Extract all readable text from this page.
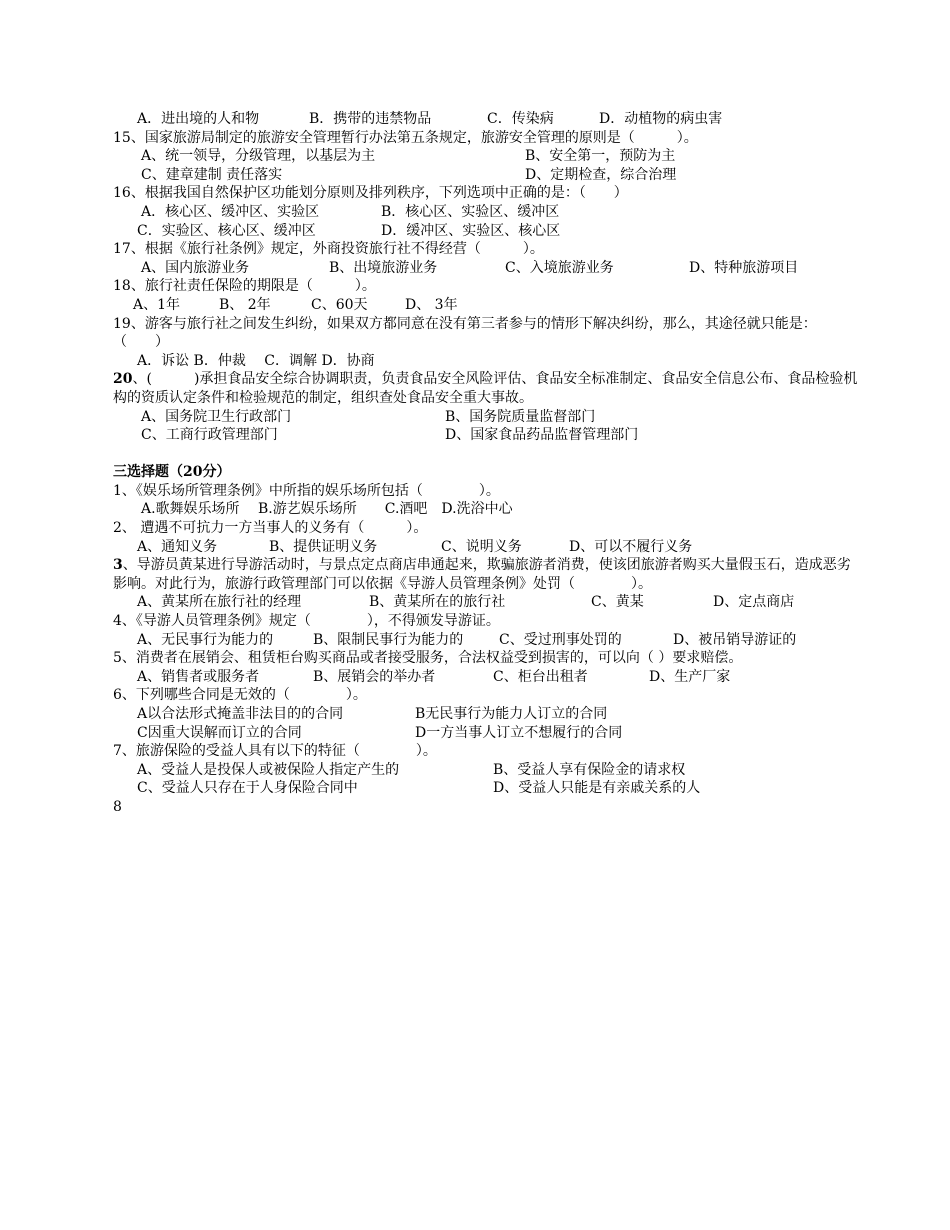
A．进出境的人和物	B．携带的违禁物品	C．传染病	D．动植物的病虫害
15、国家旅游局制定的旅游安全管理暂行办法第五条规定，旅游安全管理的原则是（　　　）。
A、统一领导，分级管理，以基层为主	B、安全第一，预防为主
C、建章建制 责任落实	D、定期检查，综合治理
16、根据我国自然保护区功能划分原则及排列秩序，下列选项中正确的是：（　　）
A．核心区、缓冲区、实验区	B．核心区、实验区、缓冲区
C．实验区、核心区、缓冲区	D．缓冲区、实验区、核心区
17、根据《旅行社条例》规定，外商投资旅行社不得经营（　　　）。
A、国内旅游业务	B、出境旅游业务	C、入境旅游业务	D、特种旅游项目
18、旅行社责任保险的期限是（　　　）。
A、1年	B、 2年	C、60天	D、 3年
19、游客与旅行社之间发生纠纷，如果双方都同意在没有第三者参与的情形下解决纠纷，那么，其途径就只能是：（　　）
A．诉讼 B．仲裁　 C．调解 D．协商
20、(　　　)承担食品安全综合协调职责，负责食品安全风险评估、食品安全标准制定、食品安全信息公布、食品检验机构的资质认定条件和检验规范的制定，组织查处食品安全重大事故。
A、国务院卫生行政部门	B、国务院质量监督部门
C、工商行政管理部门	D、国家食品药品监督管理部门
三选择题（20分）
1、《娱乐场所管理条例》中所指的娱乐场所包括（　　　　）。
A.歌舞娱乐场所　 B.游艺娱乐场所　　C.酒吧　D.洗浴中心
2、 遭遇不可抗力一方当事人的义务有（　　　）。
A、通知义务	B、提供证明义务	C、说明义务	D、可以不履行义务
3、导游员黄某进行导游活动时，与景点定点商店串通起来，欺骗旅游者消费，使该团旅游者购买大量假玉石，造成恶劣影响。对此行为，旅游行政管理部门可以依据《导游人员管理条例》处罚（　　　　）。
A、黄某所在旅行社的经理	B、黄某所在的旅行社	C、黄某	D、定点商店
4、《导游人员管理条例》规定（　　　　），不得颁发导游证。
A、无民事行为能力的	B、限制民事行为能力的	C、受过刑事处罚的	D、被吊销导游证的
5、消费者在展销会、租赁柜台购买商品或者接受服务，合法权益受到损害的，可以向（ ）要求赔偿。
A、销售者或服务者	B、展销会的举办者	C、柜台出租者	D、生产厂家
6、下列哪些合同是无效的（　　　　）。
A以合法形式掩盖非法目的的合同	B无民事行为能力人订立的合同
C因重大误解而订立的合同	D一方当事人订立不想履行的合同
7、旅游保险的受益人具有以下的特征（　　　　）。
A、受益人是投保人或被保险人指定产生的	B、受益人享有保险金的请求权
C、受益人只存在于人身保险合同中	D、受益人只能是有亲戚关系的人
8
